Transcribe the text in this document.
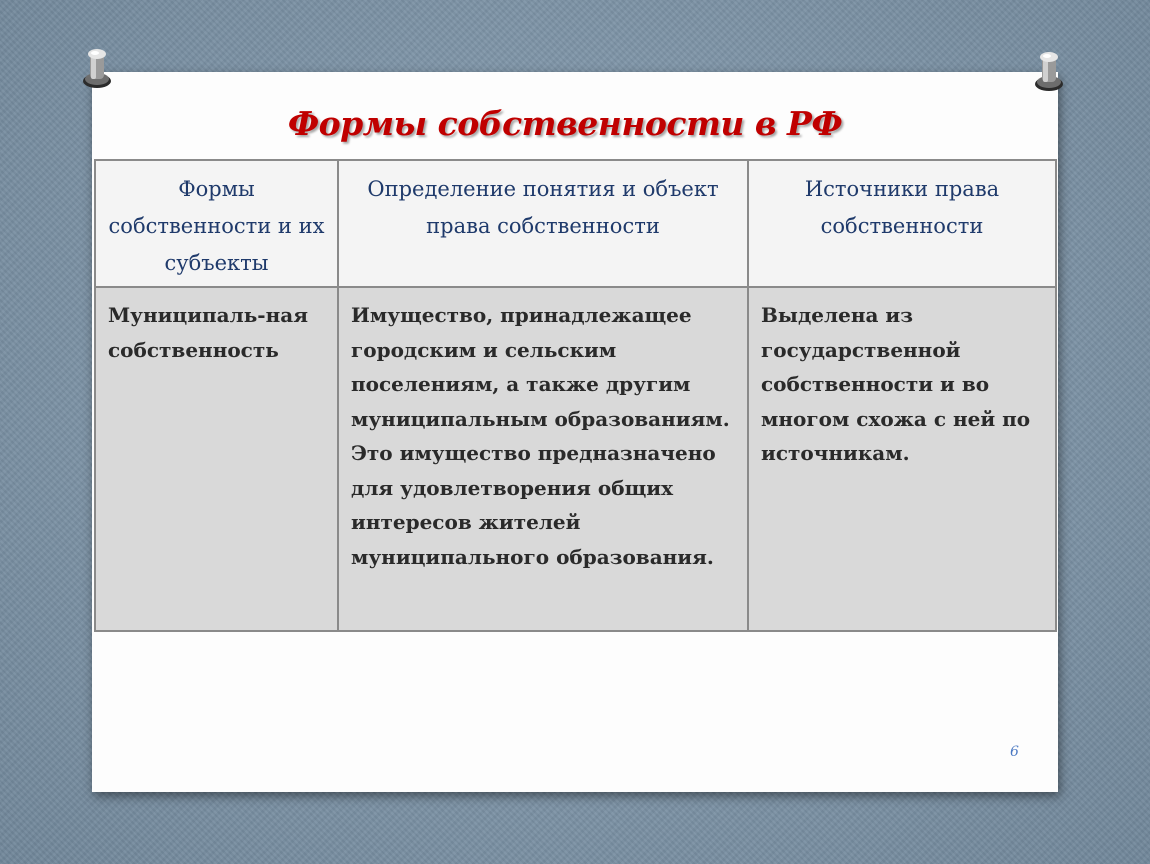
Формы собственности в РФ
Формы собственности и их субъекты	Определение понятия и объект права собственности	Источники права собственности
Муниципаль-ная собственность	Имущество, принадлежащее городским и сельским поселениям, а также другим муниципальным образованиям. Это имущество предназначено для удовлетворения общих интересов жителей муниципального образования.	Выделена из государственной собственности и во многом схожа с ней по источникам.
6
